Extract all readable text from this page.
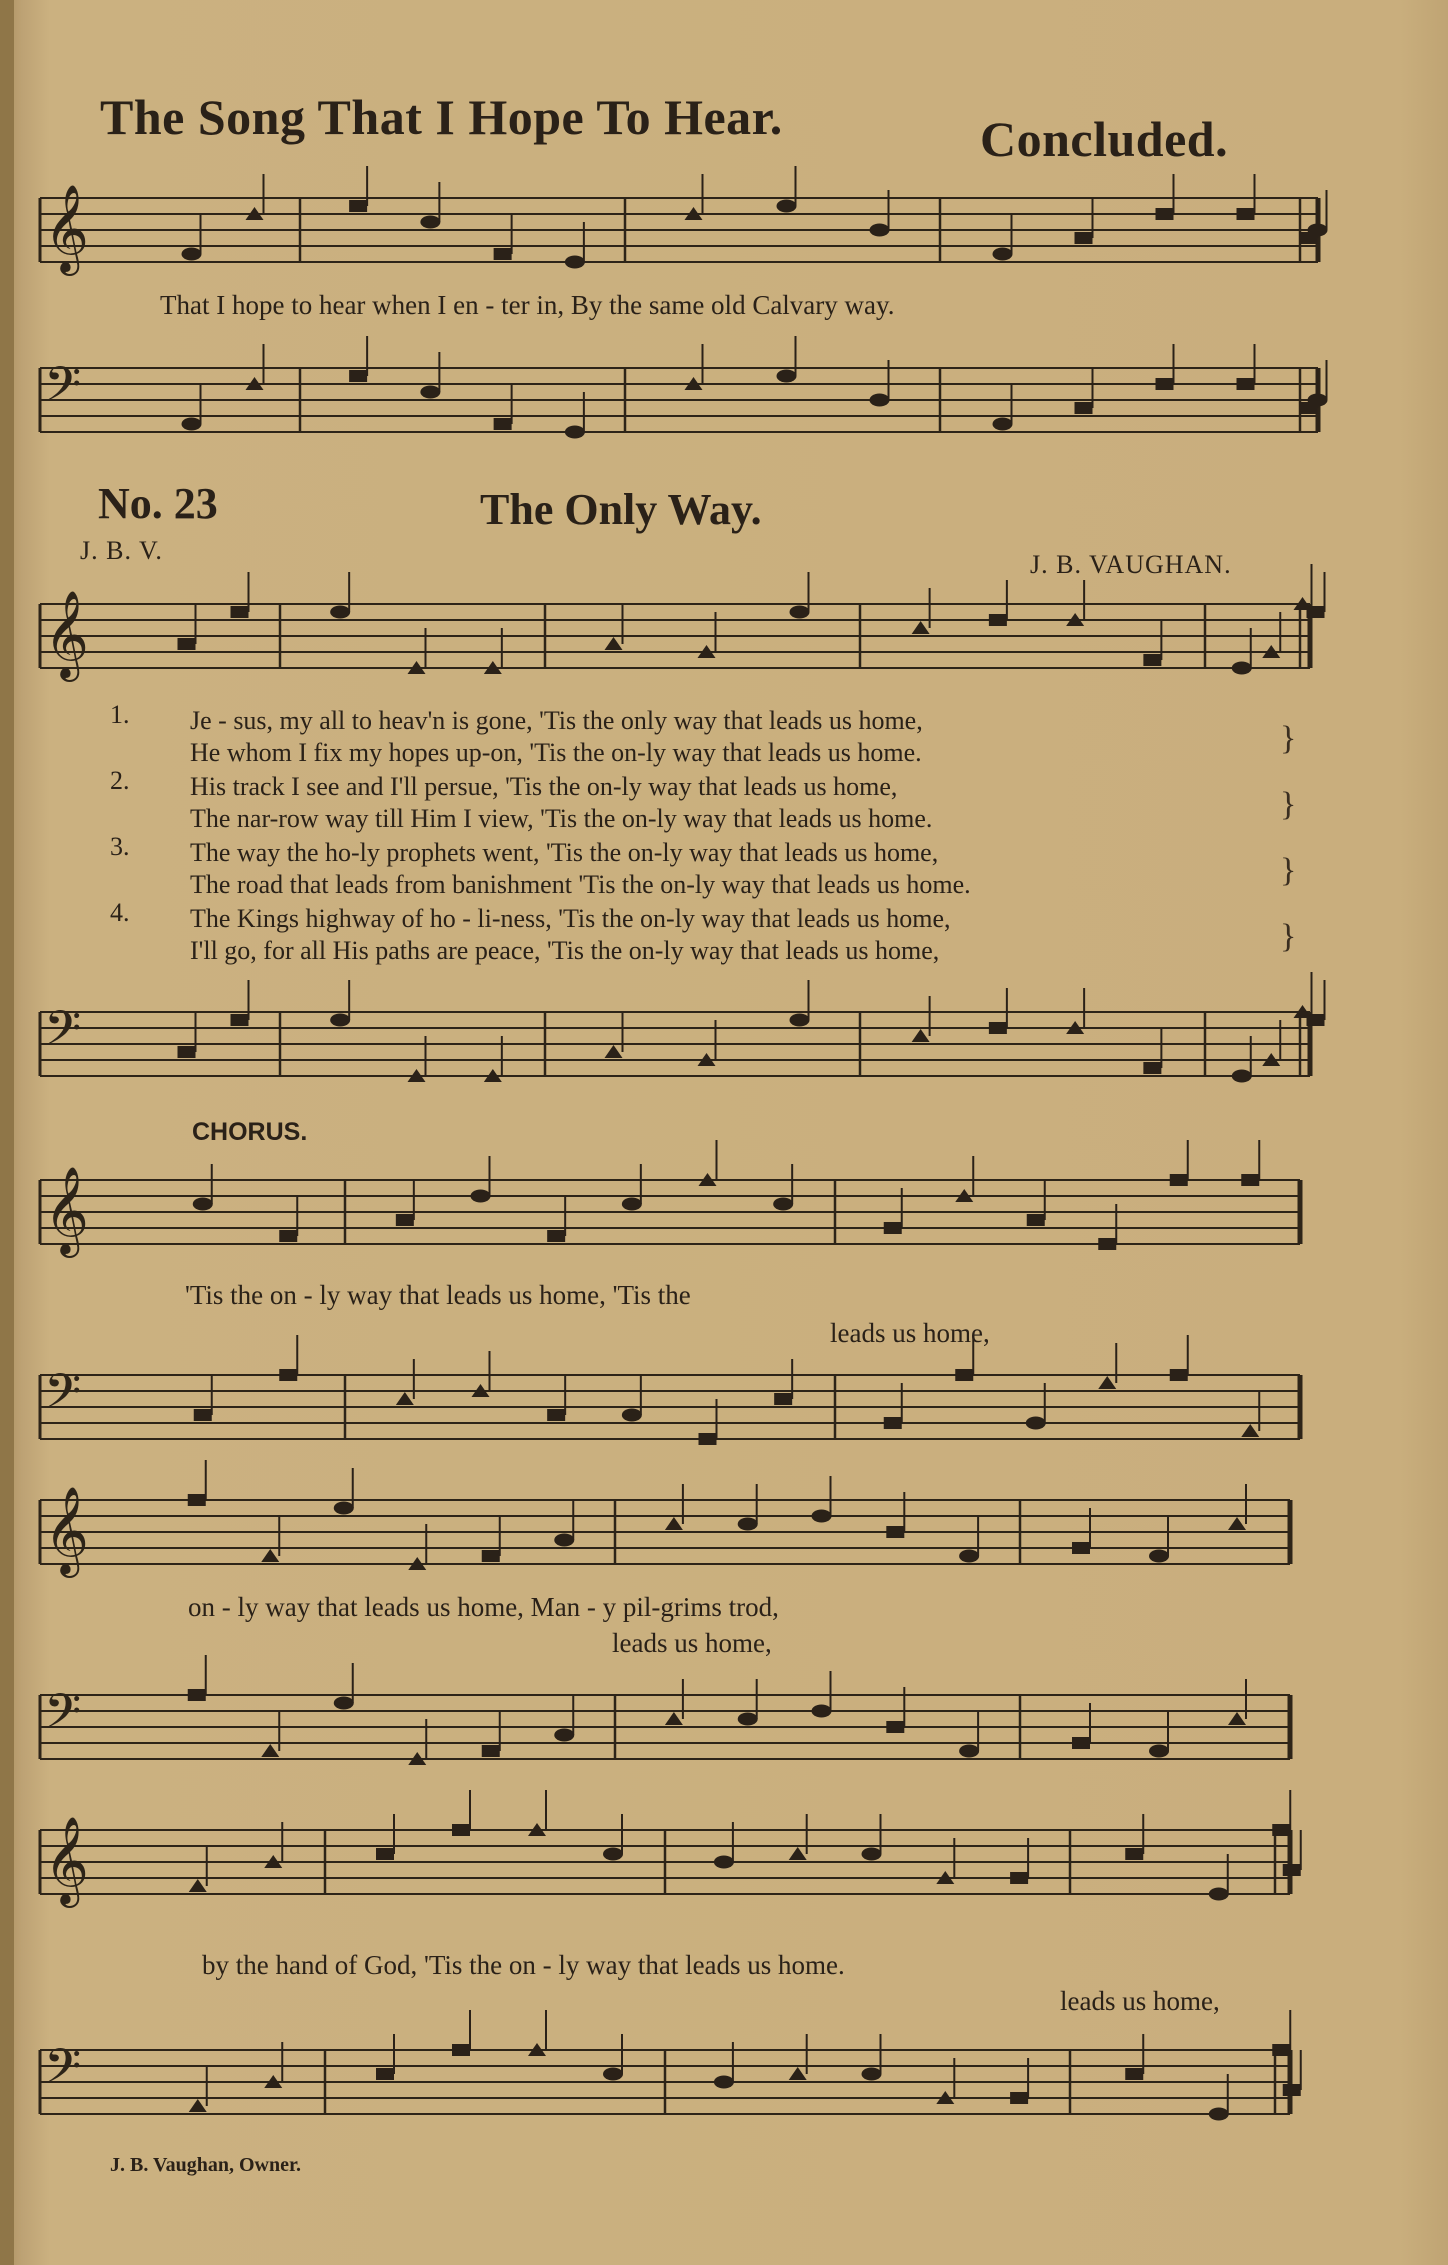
The Song That I Hope To Hear.	Concluded.
𝄞
That I hope to hear when I en - ter in, By the same old Calvary way.
𝄢
No. 23	The Only Way.
J. B. V.	J. B. VAUGHAN.
𝄞
1. Je - sus, my all to heav'n is gone, 'Tis the only way that leads us home,
He whom I fix my hopes up-on, 'Tis the on-ly way that leads us home.
2. His track I see and I'll persue, 'Tis the on-ly way that leads us home,
The nar-row way till Him I view, 'Tis the on-ly way that leads us home.
3. The way the ho-ly prophets went, 'Tis the on-ly way that leads us home,
The road that leads from banishment 'Tis the on-ly way that leads us home.
4. The Kings highway of ho - li-ness, 'Tis the on-ly way that leads us home,
I'll go, for all His paths are peace, 'Tis the on-ly way that leads us home,
}
}
}
}
𝄢
CHORUS.
𝄞
'Tis the on - ly way that leads us home, 'Tis the
leads us home,
𝄢
𝄞
on - ly way that leads us home, Man - y pil-grims trod,
leads us home,
𝄢
𝄞
by the hand of God, 'Tis the on - ly way that leads us home.
leads us home,
𝄢
J. B. Vaughan, Owner.
